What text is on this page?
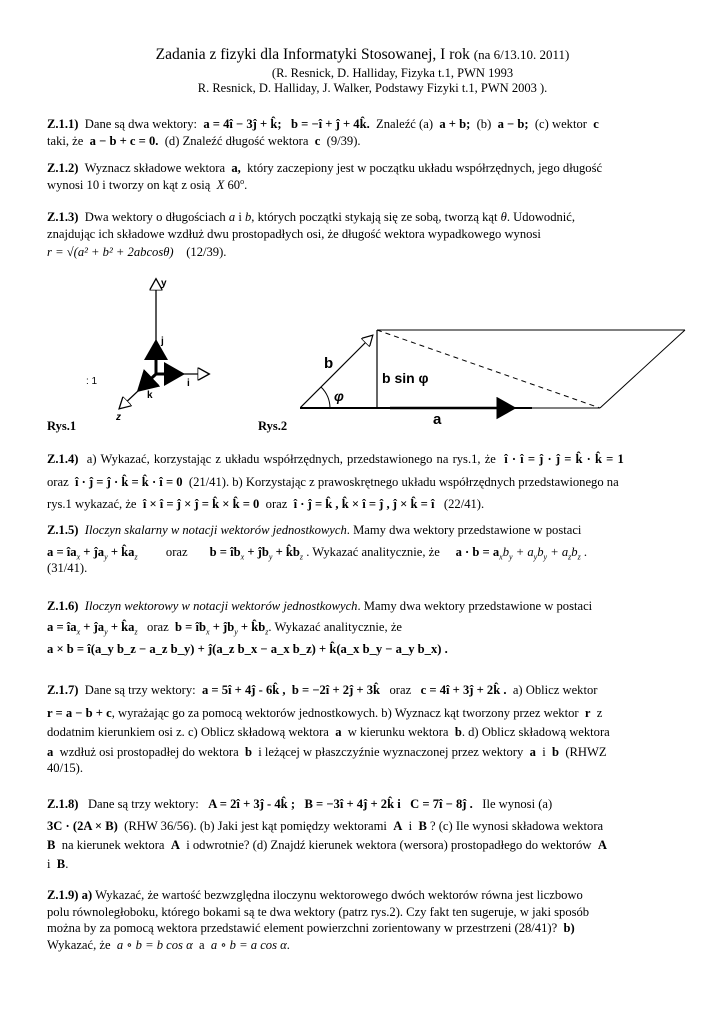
Zadania z fizyki dla Informatyki Stosowanej, I rok (na 6/13.10. 2011)
(R. Resnick, D. Halliday, Fizyka t.1, PWN 1993
R. Resnick, D. Halliday, J. Walker, Podstawy Fizyki t.1, PWN 2003 ).
Z.1.1) Dane są dwa wektory: a = 4î − 3ĵ + k̂; b = −î + ĵ + 4k̂. Znaleźć (a) a + b; (b) a − b; (c) wektor c
taki, że a − b + c = 0. (d) Znaleźć długość wektora c (9/39).
Z.1.2) Wyznacz składowe wektora a, który zaczepiony jest w początku układu współrzędnych, jego długość
wynosi 10 i tworzy on kąt z osią X 60$^o$.
Z.1.3) Dwa wektory o długościach a i b, których początki stykają się ze sobą, tworzą kąt θ. Udowodnić,
znajdując ich składowe wzdłuż dwu prostopadłych osi, że długość wektora wypadkowego wynosi
r = √(a² + b² + 2abcosθ) (12/39).
y
j
i
k
z
: 1
Rys.1
b
φ
b sin φ
a
Rys.2
Z.1.4) a) Wykazać, korzystając z układu współrzędnych, przedstawionego na rys.1, że î · î = ĵ · ĵ = k̂ · k̂ = 1
oraz î · ĵ = ĵ · k̂ = k̂ · î = 0 (21/41). b) Korzystając z prawoskrętnego układu współrzędnych przedstawionego na
rys.1 wykazać, że î × î = ĵ × ĵ = k̂ × k̂ = 0 oraz î · ĵ = k̂ , k̂ × î = ĵ , ĵ × k̂ = î (22/41).
Z.1.5) Iloczyn skalarny w notacji wektorów jednostkowych. Mamy dwa wektory przedstawione w postaci
$a = îa_x$ + $ĵa_y$ + $k̂a_z$ oraz $b = îb_x$ + $ĵb_y$ + $k̂b_z$ . Wykazać analitycznie, że $a \cdot b = a_xb_y + a_yb_y + a_zb_z$ .
(31/41).
Z.1.6) Iloczyn wektorowy w notacji wektorów jednostkowych. Mamy dwa wektory przedstawione w postaci
$a = îa_x$ + $ĵa_y$ + $k̂a_z$ oraz $b = îb_x$ + $ĵb_y$ + $k̂b_z$. Wykazać analitycznie, że
a × b = î(a_y b_z − a_z b_y) + ĵ(a_z b_x − a_x b_z) + k̂(a_x b_y − a_y b_x) .
Z.1.7) Dane są trzy wektory: a = 5î + 4ĵ - 6k̂ , b = −2î + 2ĵ + 3k̂ oraz c = 4î + 3ĵ + 2k̂ . a) Oblicz wektor
r = a − b + c, wyrażając go za pomocą wektorów jednostkowych. b) Wyznacz kąt tworzony przez wektor r z
dodatnim kierunkiem osi z. c) Oblicz składową wektora a w kierunku wektora b. d) Oblicz składową wektora
a wzdłuż osi prostopadłej do wektora b i leżącej w płaszczyźnie wyznaczonej przez wektory a i b (RHWZ
40/15).
Z.1.8) Dane są trzy wektory: A = 2î + 3ĵ - 4k̂ ; B = −3î + 4ĵ + 2k̂ i C = 7î − 8ĵ . Ile wynosi (a)
3C · (2A × B) (RHW 36/56). (b) Jaki jest kąt pomiędzy wektorami A i B ? (c) Ile wynosi składowa wektora
B na kierunek wektora A i odwrotnie? (d) Znajdź kierunek wektora (wersora) prostopadłego do wektorów A
i B.
Z.1.9) a) Wykazać, że wartość bezwzględna iloczynu wektorowego dwóch wektorów równa jest liczbowo
polu równoległoboku, którego bokami są te dwa wektory (patrz rys.2). Czy fakt ten sugeruje, w jaki sposób
można by za pomocą wektora przedstawić element powierzchni zorientowany w przestrzeni (28/41)? b)
Wykazać, że a ∘ b = b cos α a a ∘ b = a cos α.
